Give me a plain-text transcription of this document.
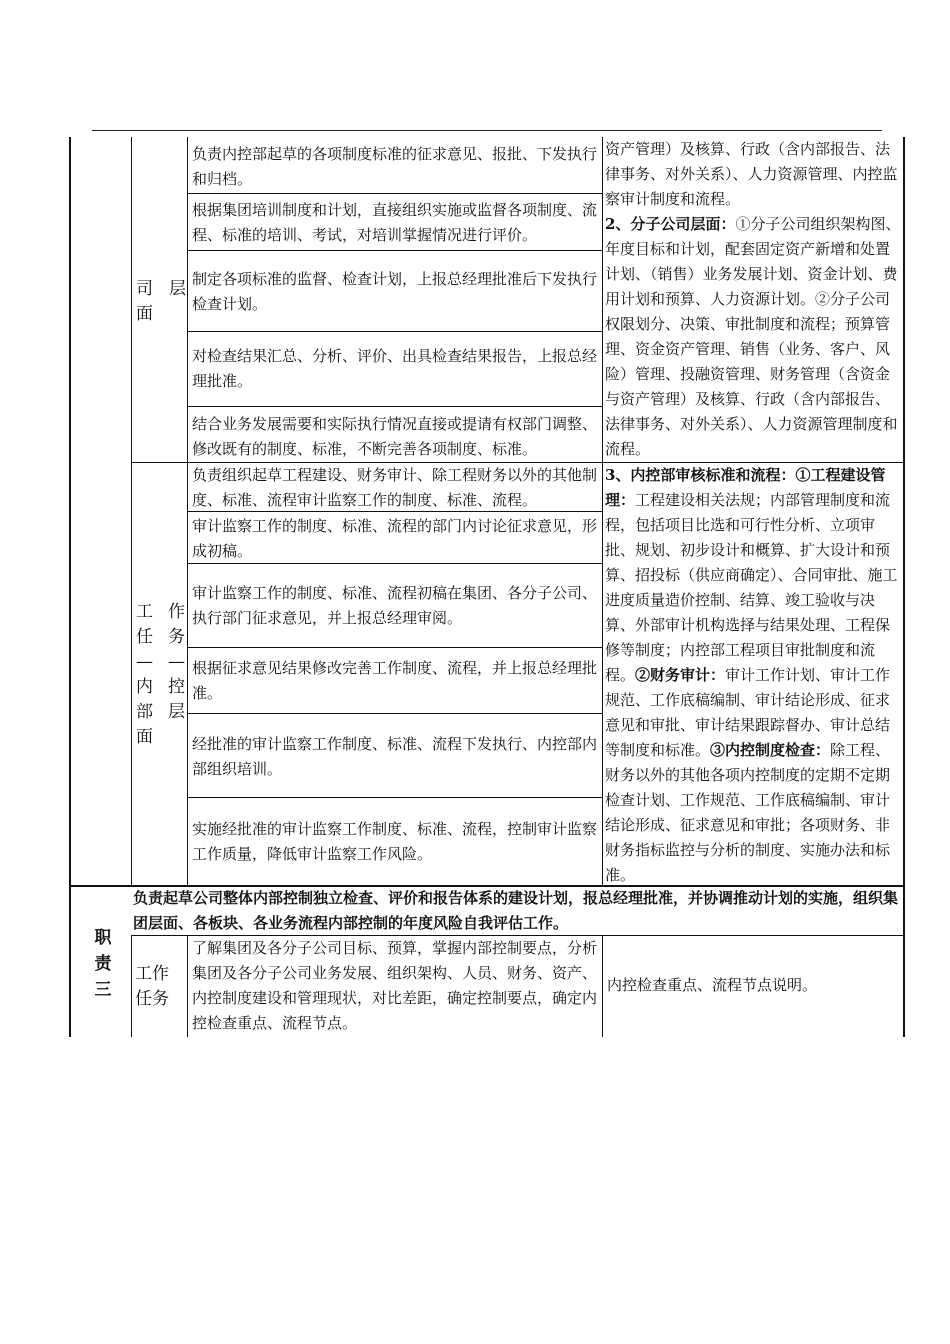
司 层
面
负责内控部起草的各项制度标准的征求意见、报批、下发执行和归档。
根据集团培训制度和计划，直接组织实施或监督各项制度、流程、标准的培训、考试，对培训掌握情况进行评价。
制定各项标准的监督、检查计划，上报总经理批准后下发执行检查计划。
对检查结果汇总、分析、评价、出具检查结果报告，上报总经理批准。
结合业务发展需要和实际执行情况直接或提请有权部门调整、修改既有的制度、标准，不断完善各项制度、标准。
工 作
任 务
— —
内 控
部 层
面
负责组织起草工程建设、财务审计、除工程财务以外的其他制度、标准、流程审计监察工作的制度、标准、流程。
审计监察工作的制度、标准、流程的部门内讨论征求意见，形成初稿。
审计监察工作的制度、标准、流程初稿在集团、各分子公司、执行部门征求意见，并上报总经理审阅。
根据征求意见结果修改完善工作制度、流程，并上报总经理批准。
经批准的审计监察工作制度、标准、流程下发执行、内控部内部组织培训。
实施经批准的审计监察工作制度、标准、流程，控制审计监察工作质量，降低审计监察工作风险。
资产管理）及核算、行政（含内部报告、法律事务、对外关系）、人力资源管理、内控监察审计制度和流程。
2、分子公司层面：①分子公司组织架构图、年度目标和计划，配套固定资产新增和处置计划、（销售）业务发展计划、资金计划、费用计划和预算、人力资源计划。②分子公司权限划分、决策、审批制度和流程；预算管理、资金资产管理、销售（业务、客户、风险）管理、投融资管理、财务管理（含资金与资产管理）及核算、行政（含内部报告、法律事务、对外关系）、人力资源管理制度和流程。
3、内控部审核标准和流程：①工程建设管理：工程建设相关法规；内部管理制度和流程，包括项目比选和可行性分析、立项审批、规划、初步设计和概算、扩大设计和预算、招投标（供应商确定）、合同审批、施工进度质量造价控制、结算、竣工验收与决算、外部审计机构选择与结果处理、工程保修等制度；内控部工程项目审批制度和流程。②财务审计：审计工作计划、审计工作规范、工作底稿编制、审计结论形成、征求意见和审批、审计结果跟踪督办、审计总结等制度和标准。③内控制度检查：除工程、财务以外的其他各项内控制度的定期不定期检查计划、工作规范、工作底稿编制、审计结论形成、征求意见和审批；各项财务、非财务指标监控与分析的制度、实施办法和标准。
职
责
三
负责起草公司整体内部控制独立检查、评价和报告体系的建设计划，报总经理批准，并协调推动计划的实施，组织集团层面、各板块、各业务流程内部控制的年度风险自我评估工作。
工作
任务
了解集团及各分子公司目标、预算，掌握内部控制要点，分析集团及各分子公司业务发展、组织架构、人员、财务、资产、内控制度建设和管理现状，对比差距，确定控制要点，确定内控检查重点、流程节点。
内控检查重点、流程节点说明。
